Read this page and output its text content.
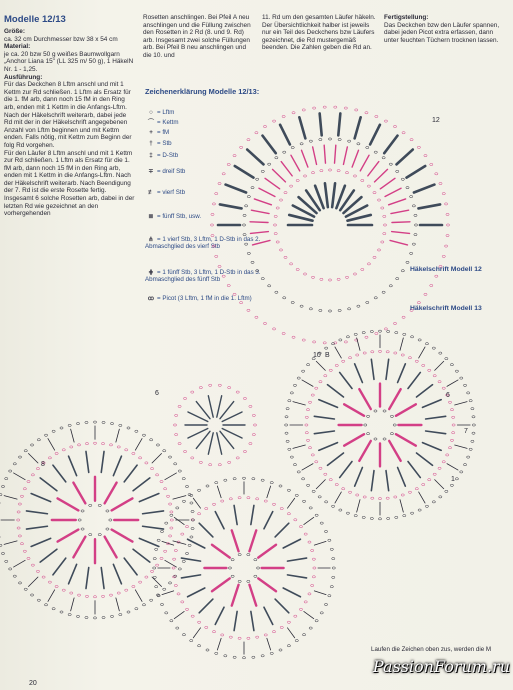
Modelle 12/13

Größe:

ca. 32 cm Durchmesser bzw 38 x 54 cm

Material:

je ca. 20 bzw 50 g weißes Baumwollgarn „Anchor Liana 15" (LL 325 m/ 50 g), 1 HäkelN Nr. 1 - 1,25.

Ausführung:

Für das Deckchen 8 Lftm anschl und mit 1 Kettm zur Rd schließen. 1 Lftm als Ersatz für die 1. fM arb, dann noch 15 fM in den Ring arb, enden mit 1 Kettm in die Anfangs-Lftm. Nach der Häkelschrift weiterarb, dabei jede Rd mit der in der Häkelschrift angegebenen Anzahl von Lftm beginnen und mit Kettm enden. Falls nötig, mit Kettm zum Beginn der folg Rd vorgehen.

Für den Läufer 8 Lftm anschl und mit 1 Kettm zur Rd schließen. 1 Lftm als Ersatz für die 1. fM arb, dann noch 15 fM in den Ring arb, enden mit 1 Kettm in die Anfangs-Lftm. Nach der Häkelschrift weiterarb. Nach Beendigung der 7. Rd ist die erste Rosette fertig. Insgesamt 6 solche Rosetten arb, dabei in der letzten Rd wie gezeichnet an den vorhergehenden

Rosetten anschlingen. Bei Pfeil A neu anschlingen und die Füllung zwischen den Rosetten in 2 Rd (8. und 9. Rd) arb. Insgesamt zwei solche Füllungen arb. Bei Pfeil B neu anschlingen und die 10. und

11. Rd um den gesamten Läufer häkeln. Der Übersichtlichkeit halber ist jeweils nur ein Teil des Deckchens bzw Läufers gezeichnet, die Rd mustergemäß beenden. Die Zahlen geben die Rd an.

Fertigstellung:

Das Deckchen bzw den Läufer spannen, dabei jeden Picot extra erfassen, dann unter feuchten Tüchern trocknen lassen.

Zeichenerklärung Modelle 12/13:
○ = Lftm
⌒ = Kettm
+ = fM
† = Stb
‡ = D-Stb
∓ = dreif Stb
≢ = vierf Stb
≣ = fünff Stb, usw.
⋔ = 1 vierf Stb, 3 Lftm, 1 D-Stb in das 2. Abmaschglied des vierf Stb
⋕ = 1 fünff Stb, 3 Lftm, 1 D-Stb in das 3. Abmaschglied des fünff Stb
ꝏ = Picot (3 Lftm, 1 fM in die 1. Lftm)
12
10 B
6	6
7
8
1
Häkelschrift Modell 12
Häkelschrift Modell 13
Laufen die Zeichen oben zus, werden die M
PassionForum.ru
20
